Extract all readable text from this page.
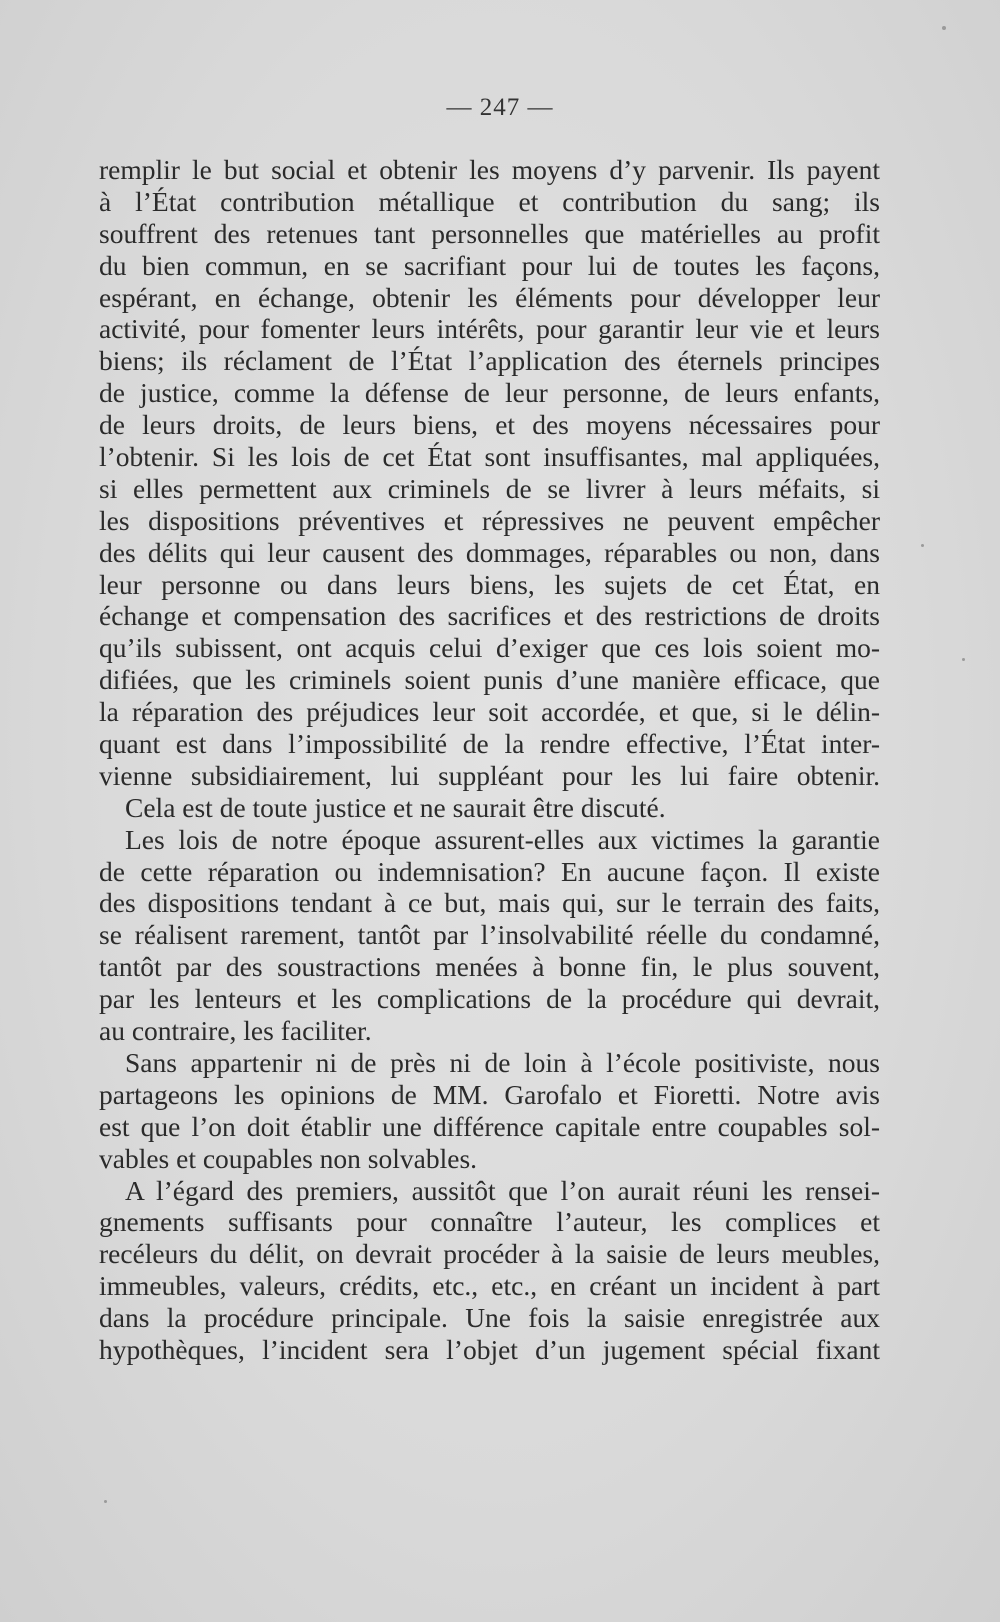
— 247 —
remplir le but social et obtenir les moyens d’y parvenir. Ils payent
à l’État contribution métallique et contribution du sang; ils
souffrent des retenues tant personnelles que matérielles au profit
du bien commun, en se sacrifiant pour lui de toutes les façons,
espérant, en échange, obtenir les éléments pour développer leur
activité, pour fomenter leurs intérêts, pour garantir leur vie et leurs
biens; ils réclament de l’État l’application des éternels principes
de justice, comme la défense de leur personne, de leurs enfants,
de leurs droits, de leurs biens, et des moyens nécessaires pour
l’obtenir. Si les lois de cet État sont insuffisantes, mal appliquées,
si elles permettent aux criminels de se livrer à leurs méfaits, si
les dispositions préventives et répressives ne peuvent empêcher
des délits qui leur causent des dommages, réparables ou non, dans
leur personne ou dans leurs biens, les sujets de cet État, en
échange et compensation des sacrifices et des restrictions de droits
qu’ils subissent, ont acquis celui d’exiger que ces lois soient mo-
difiées, que les criminels soient punis d’une manière efficace, que
la réparation des préjudices leur soit accordée, et que, si le délin-
quant est dans l’impossibilité de la rendre effective, l’État inter-
vienne subsidiairement, lui suppléant pour les lui faire obtenir.
Cela est de toute justice et ne saurait être discuté.
Les lois de notre époque assurent-elles aux victimes la garantie
de cette réparation ou indemnisation? En aucune façon. Il existe
des dispositions tendant à ce but, mais qui, sur le terrain des faits,
se réalisent rarement, tantôt par l’insolvabilité réelle du condamné,
tantôt par des soustractions menées à bonne fin, le plus souvent,
par les lenteurs et les complications de la procédure qui devrait,
au contraire, les faciliter.
Sans appartenir ni de près ni de loin à l’école positiviste, nous
partageons les opinions de MM. Garofalo et Fioretti. Notre avis
est que l’on doit établir une différence capitale entre coupables sol-
vables et coupables non solvables.
A l’égard des premiers, aussitôt que l’on aurait réuni les rensei-
gnements suffisants pour connaître l’auteur, les complices et
recéleurs du délit, on devrait procéder à la saisie de leurs meubles,
immeubles, valeurs, crédits, etc., etc., en créant un incident à part
dans la procédure principale. Une fois la saisie enregistrée aux
hypothèques, l’incident sera l’objet d’un jugement spécial fixant
